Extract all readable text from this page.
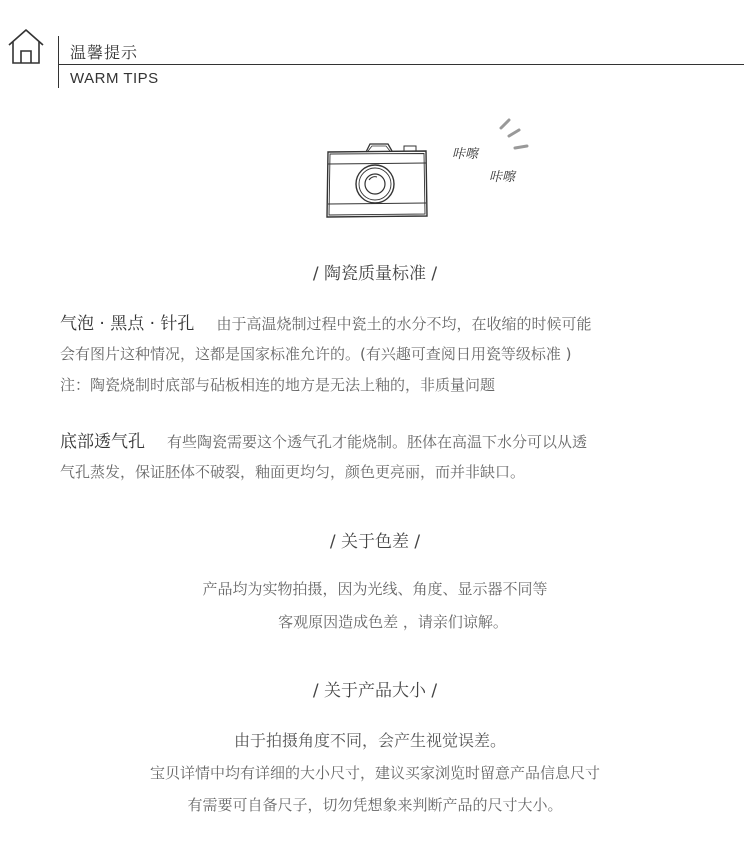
温馨提示
WARM TIPS
咔嚓
咔嚓
/ 陶瓷质量标准 /
气泡 · 黑点 · 针孔 由于高温烧制过程中瓷土的水分不均，在收缩的时候可能
会有图片这种情况，这都是国家标准允许的。(有兴趣可查阅日用瓷等级标准 )
注：陶瓷烧制时底部与砧板相连的地方是无法上釉的，非质量问题
底部透气孔 有些陶瓷需要这个透气孔才能烧制。胚体在高温下水分可以从透
气孔蒸发，保证胚体不破裂，釉面更均匀，颜色更亮丽，而并非缺口。
/ 关于色差 /
产品均为实物拍摄，因为光线、角度、显示器不同等
客观原因造成色差 ，请亲们谅解。
/ 关于产品大小 /
由于拍摄角度不同，会产生视觉误差。
宝贝详情中均有详细的大小尺寸，建议买家浏览时留意产品信息尺寸
有需要可自备尺子，切勿凭想象来判断产品的尺寸大小。
